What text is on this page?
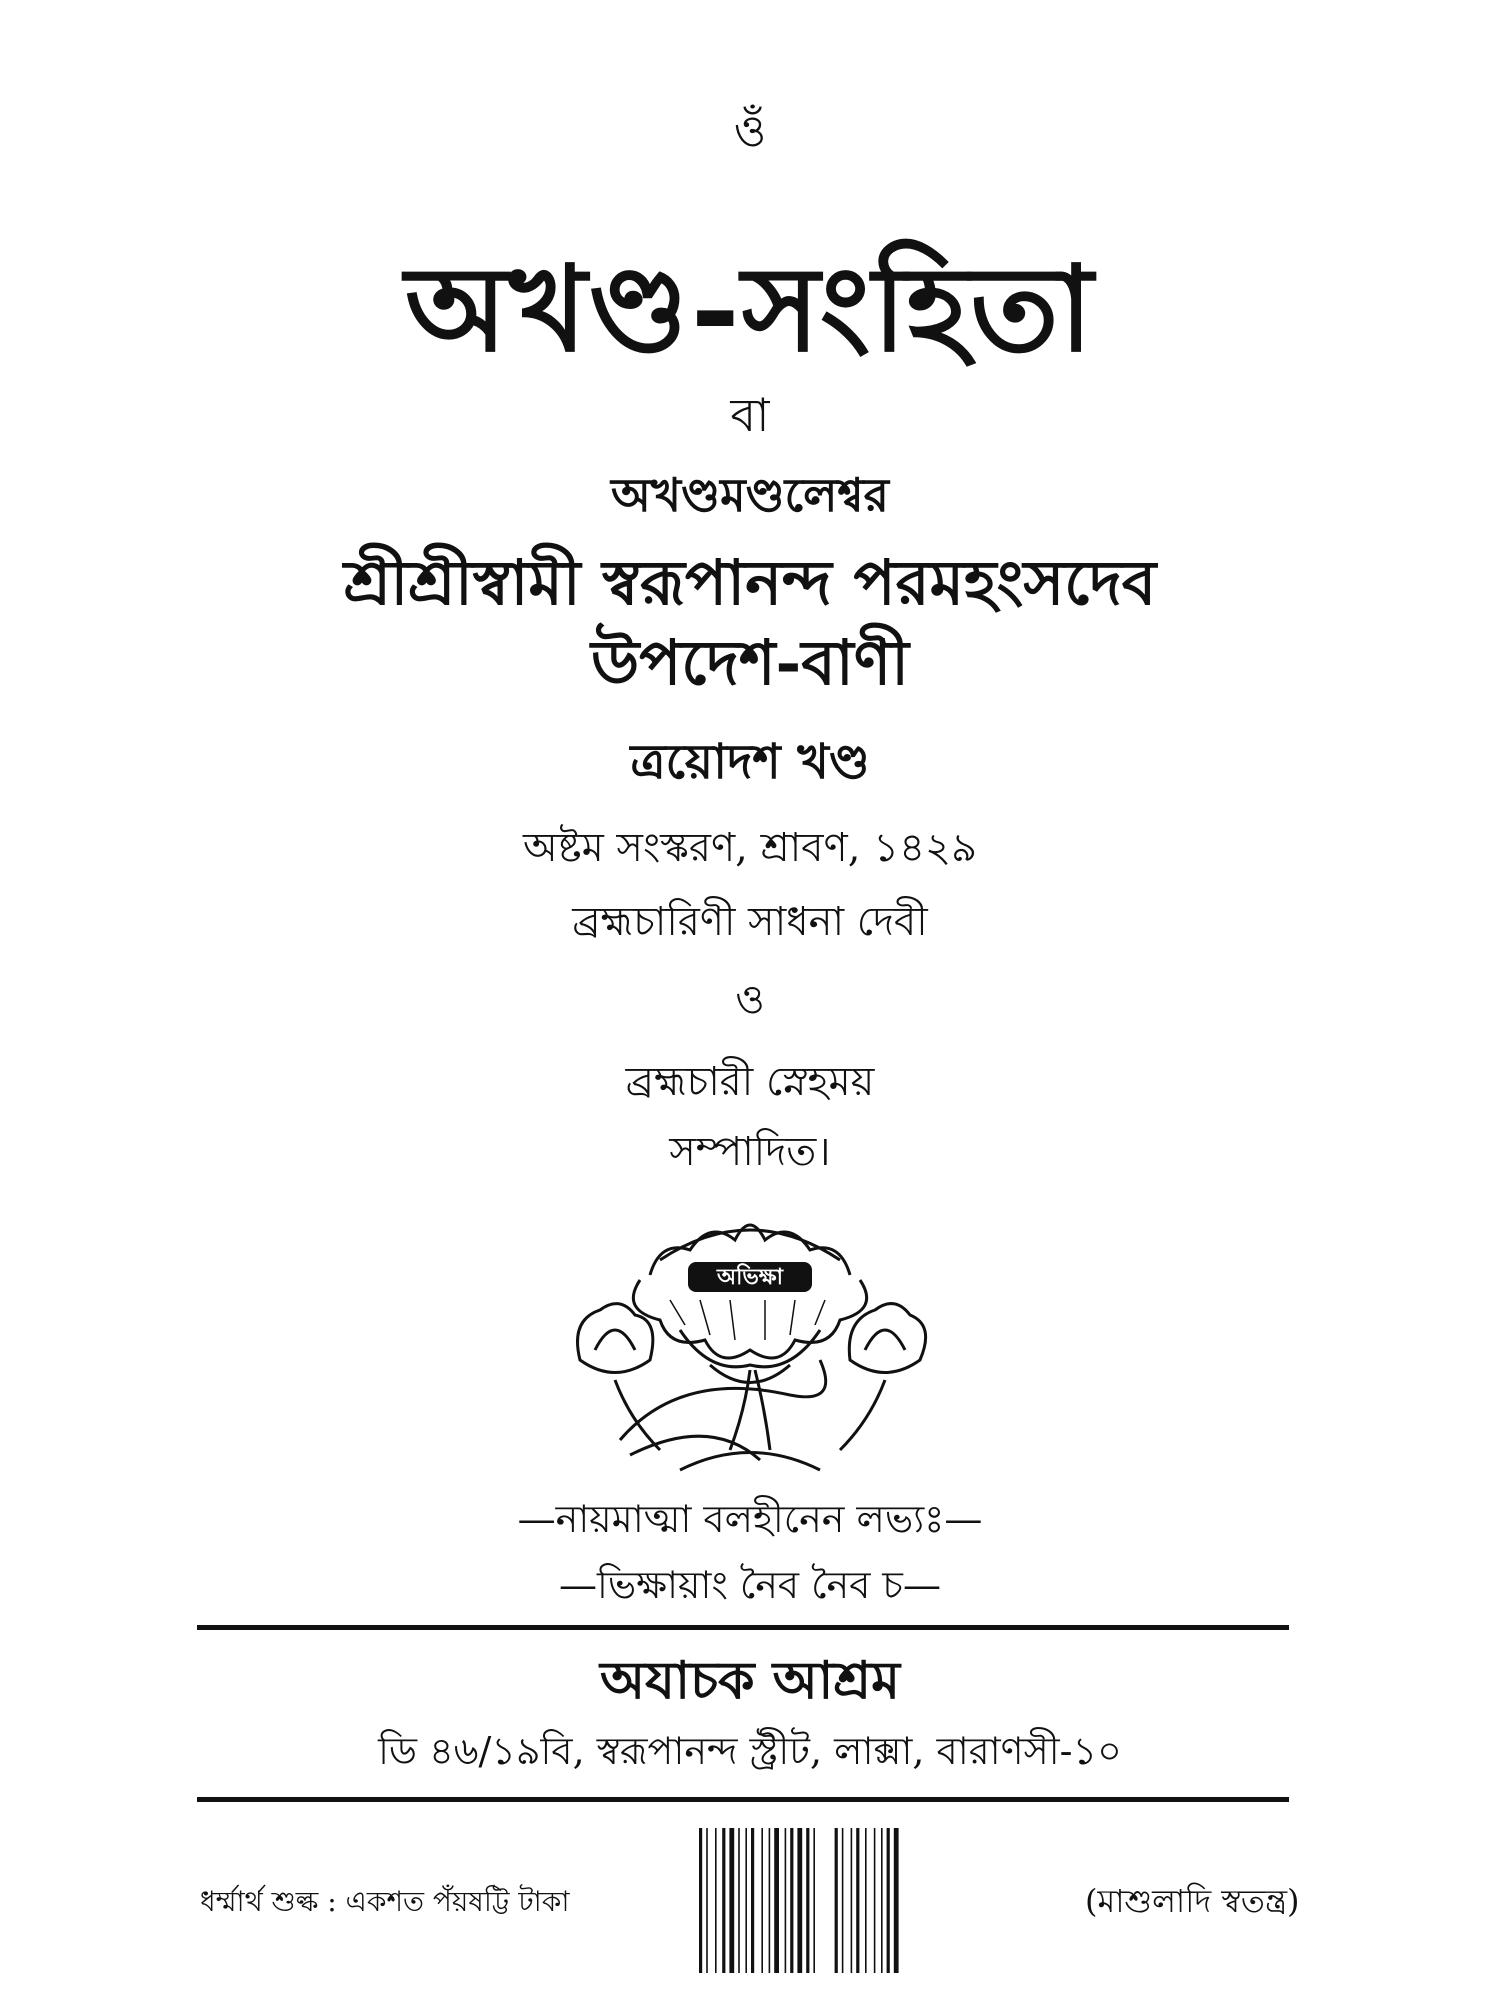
ওঁ
অখণ্ড-সংহিতা
বা
অখণ্ডমণ্ডলেশ্বর
শ্রীশ্রীস্বামী স্বরূপানন্দ পরমহংসদেব
উপদেশ-বাণী
ত্রয়োদশ খণ্ড
অষ্টম সংস্করণ, শ্রাবণ, ১৪২৯
ব্রহ্মচারিণী সাধনা দেবী
ও
ব্রহ্মচারী স্নেহময়
সম্পাদিত।
অভিক্ষা
—নায়মাত্মা বলহীনেন লভ্যঃ—
—ভিক্ষায়াং নৈব নৈব চ—
অযাচক আশ্রম
ডি ৪৬/১৯বি, স্বরূপানন্দ স্ট্রীট, লাক্সা, বারাণসী-১০
ধর্ম্মার্থ শুল্ক : একশত পঁয়ষট্টি টাকা	(মাশুলাদি স্বতন্ত্র)
